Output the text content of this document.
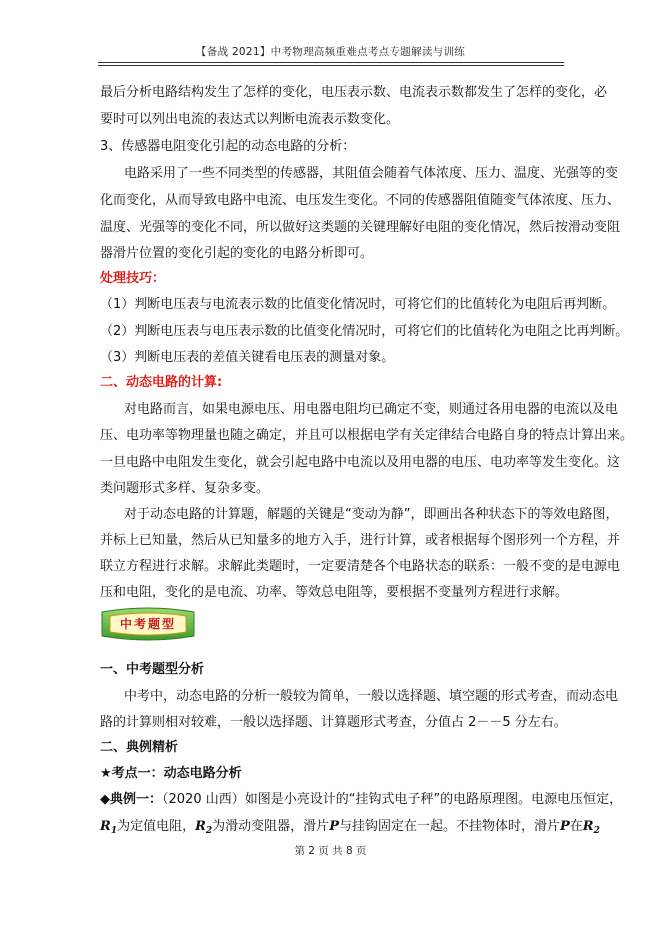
【备战 2021】中考物理高频重难点考点专题解读与训练
最后分析电路结构发生了怎样的变化，电压表示数、电流表示数都发生了怎样的变化，必
要时可以列出电流的表达式以判断电流表示数变化。
3、传感器电阻变化引起的动态电路的分析：
电路采用了一些不同类型的传感器，其阻值会随着气体浓度、压力、温度、光强等的变
化而变化，从而导致电路中电流、电压发生变化。不同的传感器阻值随变气体浓度、压力、
温度、光强等的变化不同，所以做好这类题的关键理解好电阻的变化情况，然后按滑动变阻
器滑片位置的变化引起的变化的电路分析即可。
处理技巧：
（1）判断电压表与电流表示数的比值变化情况时，可将它们的比值转化为电阻后再判断。
（2）判断电压表与电压表示数的比值变化情况时，可将它们的比值转化为电阻之比再判断。
（3）判断电压表的差值关键看电压表的测量对象。
二、动态电路的计算:
对电路而言，如果电源电压、用电器电阻均已确定不变，则通过各用电器的电流以及电
压、电功率等物理量也随之确定，并且可以根据电学有关定律结合电路自身的特点计算出来。
一旦电路中电阻发生变化，就会引起电路中电流以及用电器的电压、电功率等发生变化。这
类问题形式多样、复杂多变。
对于动态电路的计算题，解题的关键是“变动为静”，即画出各种状态下的等效电路图，
并标上已知量，然后从已知量多的地方入手，进行计算，或者根据每个图形列一个方程，并
联立方程进行求解。求解此类题时，一定要清楚各个电路状态的联系：一般不变的是电源电
压和电阻，变化的是电流、功率、等效总电阻等，要根据不变量列方程进行求解。
中考题型
一、中考题型分析
中考中，动态电路的分析一般较为简单，一般以选择题、填空题的形式考查，而动态电
路的计算则相对较难，一般以选择题、计算题形式考查，分值占 2－－5 分左右。
二、典例精析
★考点一：动态电路分析
◆典例一：（2020 山西）如图是小亮设计的“挂钩式电子秤”的电路原理图。电源电压恒定，
$R_1$为定值电阻，$R_2$为滑动变阻器，滑片P与挂钩固定在一起。不挂物体时，滑片P在$R_2$
第 2 页 共 8 页
